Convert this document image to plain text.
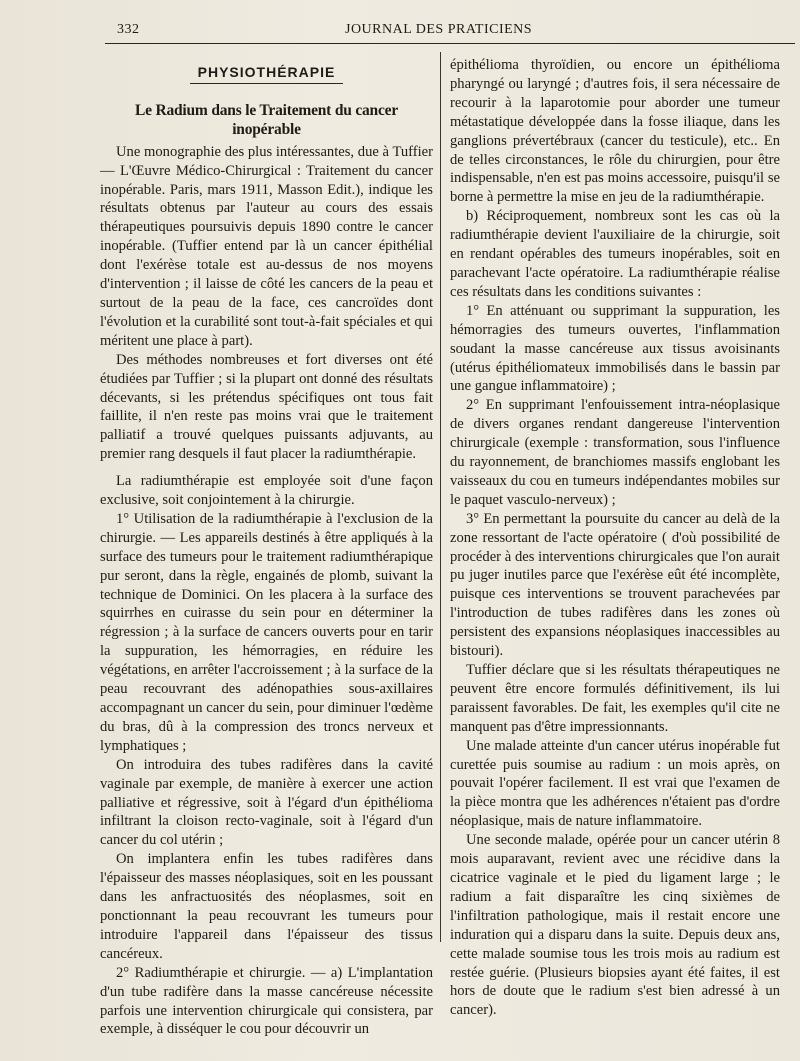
332	JOURNAL DES PRATICIENS
PHYSIOTHÉRAPIE
Le Radium dans le Traitement du cancer inopérable

Une monographie des plus intéressantes, due à Tuffier — L'Œuvre Médico-Chirurgical : Traitement du cancer inopérable. Paris, mars 1911, Masson Edit.), indique les résultats obtenus par l'auteur au cours des essais thérapeutiques poursuivis depuis 1890 contre le cancer inopérable. (Tuffier entend par là un cancer épithélial dont l'exérèse totale est au-dessus de nos moyens d'intervention ; il laisse de côté les cancers de la peau et surtout de la peau de la face, ces cancroïdes dont l'évolution et la curabilité sont tout-à-fait spéciales et qui méritent une place à part).

Des méthodes nombreuses et fort diverses ont été étudiées par Tuffier ; si la plupart ont donné des résultats décevants, si les prétendus spécifiques ont tous fait faillite, il n'en reste pas moins vrai que le traitement palliatif a trouvé quelques puissants adjuvants, au premier rang desquels il faut placer la radiumthérapie.

La radiumthérapie est employée soit d'une façon exclusive, soit conjointement à la chirurgie.

1° Utilisation de la radiumthérapie à l'exclusion de la chirurgie. — Les appareils destinés à être appliqués à la surface des tumeurs pour le traitement radiumthérapique pur seront, dans la règle, engainés de plomb, suivant la technique de Dominici. On les placera à la surface des squirrhes en cuirasse du sein pour en déterminer la régression ; à la surface de cancers ouverts pour en tarir la suppuration, les hémorragies, en réduire les végétations, en arrêter l'accroissement ; à la surface de la peau recouvrant des adénopathies sous-axillaires accompagnant un cancer du sein, pour diminuer l'œdème du bras, dû à la compression des troncs nerveux et lymphatiques ;

On introduira des tubes radifères dans la cavité vaginale par exemple, de manière à exercer une action palliative et régressive, soit à l'égard d'un épithélioma infiltrant la cloison recto-vaginale, soit à l'égard d'un cancer du col utérin ;

On implantera enfin les tubes radifères dans l'épaisseur des masses néoplasiques, soit en les poussant dans les anfractuosités des néoplasmes, soit en ponctionnant la peau recouvrant les tumeurs pour introduire l'appareil dans l'épaisseur des tissus cancéreux.

2° Radiumthérapie et chirurgie. — a) L'implantation d'un tube radifère dans la masse cancéreuse nécessite parfois une intervention chirurgicale qui consistera, par exemple, à disséquer le cou pour découvrir un

épithélioma thyroïdien, ou encore un épithélioma pharyngé ou laryngé ; d'autres fois, il sera nécessaire de recourir à la laparotomie pour aborder une tumeur métastatique développée dans la fosse iliaque, dans les ganglions prévertébraux (cancer du testicule), etc.. En de telles circonstances, le rôle du chirurgien, pour être indispensable, n'en est pas moins accessoire, puisqu'il se borne à permettre la mise en jeu de la radiumthérapie.

b) Réciproquement, nombreux sont les cas où la radiumthérapie devient l'auxiliaire de la chirurgie, soit en rendant opérables des tumeurs inopérables, soit en parachevant l'acte opératoire. La radiumthérapie réalise ces résultats dans les conditions suivantes :

1° En atténuant ou supprimant la suppuration, les hémorragies des tumeurs ouvertes, l'inflammation soudant la masse cancéreuse aux tissus avoisinants (utérus épithéliomateux immobilisés dans le bassin par une gangue inflammatoire) ;

2° En supprimant l'enfouissement intra-néoplasique de divers organes rendant dangereuse l'intervention chirurgicale (exemple : transformation, sous l'influence du rayonnement, de branchiomes massifs englobant les vaisseaux du cou en tumeurs indépendantes mobiles sur le paquet vasculo-nerveux) ;

3° En permettant la poursuite du cancer au delà de la zone ressortant de l'acte opératoire ( d'où possibilité de procéder à des interventions chirurgicales que l'on aurait pu juger inutiles parce que l'exérèse eût été incomplète, puisque ces interventions se trouvent parachevées par l'introduction de tubes radifères dans les zones où persistent des expansions néoplasiques inaccessibles au bistouri).

Tuffier déclare que si les résultats thérapeutiques ne peuvent être encore formulés définitivement, ils lui paraissent favorables. De fait, les exemples qu'il cite ne manquent pas d'être impressionnants.

Une malade atteinte d'un cancer utérus inopérable fut curettée puis soumise au radium : un mois après, on pouvait l'opérer facilement. Il est vrai que l'examen de la pièce montra que les adhérences n'étaient pas d'ordre néoplasique, mais de nature inflammatoire.

Une seconde malade, opérée pour un cancer utérin 8 mois auparavant, revient avec une récidive dans la cicatrice vaginale et le pied du ligament large ; le radium a fait disparaître les cinq sixièmes de l'infiltration pathologique, mais il restait encore une induration qui a disparu dans la suite. Depuis deux ans, cette malade soumise tous les trois mois au radium est restée guérie. (Plusieurs biopsies ayant été faites, il est hors de doute que le radium s'est bien adressé à un cancer).
